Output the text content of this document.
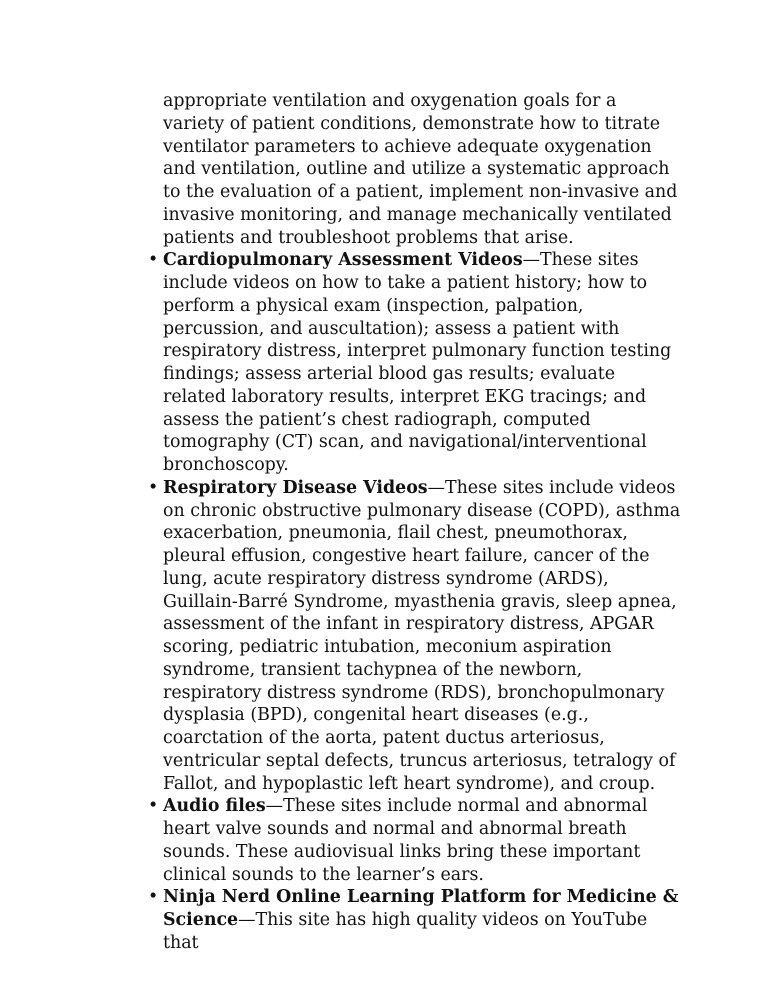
appropriate ventilation and oxygenation goals for a variety of patient conditions, demonstrate how to titrate ventilator parameters to achieve adequate oxygenation and ventilation, outline and utilize a systematic approach to the evaluation of a patient, implement non-invasive and invasive monitoring, and manage mechanically ventilated patients and troubleshoot problems that arise.

• Cardiopulmonary Assessment Videos—These sites include videos on how to take a patient history; how to perform a physical exam (inspection, palpation, percussion, and auscultation); assess a patient with respiratory distress, interpret pulmonary function testing findings; assess arterial blood gas results; evaluate related laboratory results, interpret EKG tracings; and assess the patient’s chest radiograph, computed tomography (CT) scan, and navigational/interventional bronchoscopy.

• Respiratory Disease Videos—These sites include videos on chronic obstructive pulmonary disease (COPD), asthma exacerbation, pneumonia, flail chest, pneumothorax, pleural effusion, congestive heart failure, cancer of the lung, acute respiratory distress syndrome (ARDS), Guillain-Barré Syndrome, myasthenia gravis, sleep apnea, assessment of the infant in respiratory distress, APGAR scoring, pediatric intubation, meconium aspiration syndrome, transient tachypnea of the newborn, respiratory distress syndrome (RDS), bronchopulmonary dysplasia (BPD), congenital heart diseases (e.g., coarctation of the aorta, patent ductus arteriosus, ventricular septal defects, truncus arteriosus, tetralogy of Fallot, and hypoplastic left heart syndrome), and croup.

• Audio files—These sites include normal and abnormal heart valve sounds and normal and abnormal breath sounds. These audiovisual links bring these important clinical sounds to the learner’s ears.

• Ninja Nerd Online Learning Platform for Medicine & Science—This site has high quality videos on YouTube that
